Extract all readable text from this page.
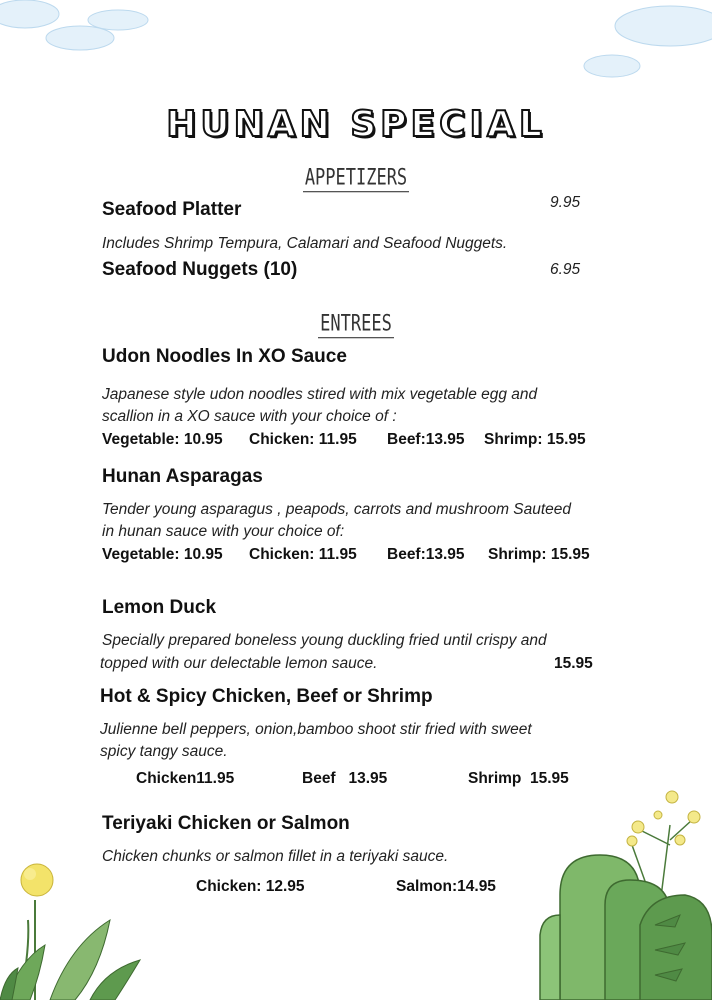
HUNAN SPECIAL
APPETIZERS
Seafood Platter	9.95
Includes Shrimp Tempura, Calamari and Seafood Nuggets.
Seafood Nuggets (10)	6.95
ENTREES
Udon Noodles In XO Sauce
Japanese style udon noodles stired with mix vegetable egg and
scallion in a XO sauce with your choice of :
Vegetable: 10.95 Chicken: 11.95 Beef:13.95 Shrimp: 15.95
Hunan Asparagas
Tender young asparagus , peapods, carrots and mushroom Sauteed
in hunan sauce with your choice of:
Vegetable: 10.95 Chicken: 11.95 Beef:13.95 Shrimp: 15.95
Lemon Duck
Specially prepared boneless young duckling fried until crispy and
topped with our delectable lemon sauce.	15.95
Hot & Spicy Chicken, Beef or Shrimp
Julienne bell peppers, onion,bamboo shoot stir fried with sweet
spicy tangy sauce.
Chicken11.95	Beef   13.95	Shrimp  15.95
Teriyaki Chicken or Salmon
Chicken chunks or salmon fillet in a teriyaki sauce.
Chicken: 12.95	Salmon:14.95
